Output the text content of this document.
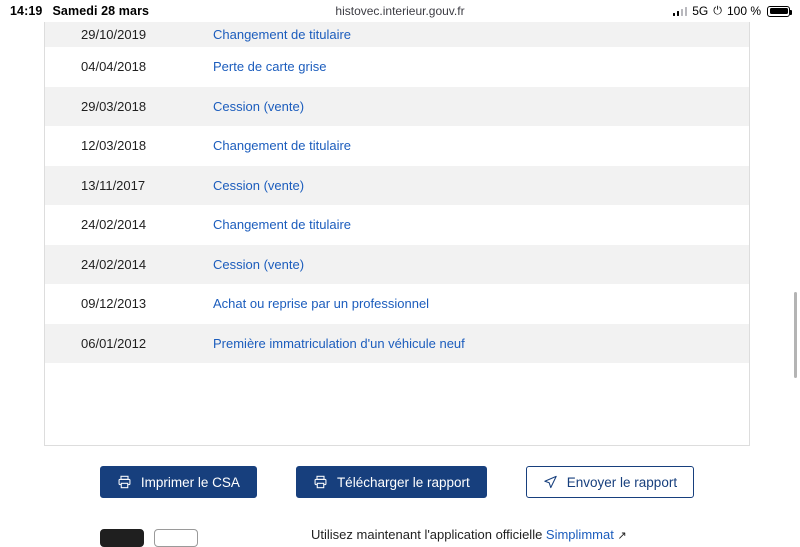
14:19 Samedi 28 mars	histovec.interieur.gouv.fr	5G ⏻ 100 %
29/10/2019	Changement de titulaire
04/04/2018	Perte de carte grise
29/03/2018	Cession (vente)
12/03/2018	Changement de titulaire
13/11/2017	Cession (vente)
24/02/2014	Changement de titulaire
24/02/2014	Cession (vente)
09/12/2013	Achat ou reprise par un professionnel
06/01/2012	Première immatriculation d'un véhicule neuf
Imprimer le CSA	Télécharger le rapport	Envoyer le rapport
Utilisez maintenant l'application officielle Simplimmat ↗
